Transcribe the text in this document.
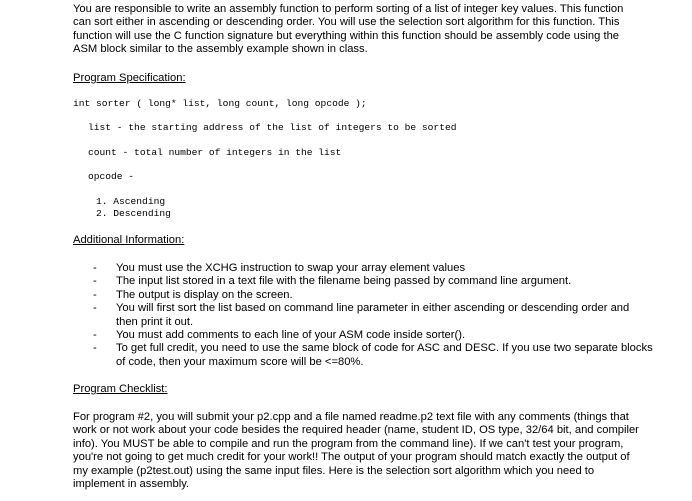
You are responsible to write an assembly function to perform sorting of a list of integer key values. This function can sort either in ascending or descending order. You will use the selection sort algorithm for this function. This function will use the C function signature but everything within this function should be assembly code using the ASM block similar to the assembly example shown in class.

Program Specification:

int sorter ( long* list, long count, long opcode );
list - the starting address of the list of integers to be sorted
count - total number of integers in the list
opcode -
1. Ascending
2. Descending

Additional Information:

- You must use the XCHG instruction to swap your array element values
- The input list stored in a text file with the filename being passed by command line argument.
- The output is display on the screen.
- You will first sort the list based on command line parameter in either ascending or descending order and then print it out.
- You must add comments to each line of your ASM code inside sorter().
- To get full credit, you need to use the same block of code for ASC and DESC. If you use two separate blocks of code, then your maximum score will be <=80%.

Program Checklist:

For program #2, you will submit your p2.cpp and a file named readme.p2 text file with any comments (things that work or not work about your code besides the required header (name, student ID, OS type, 32/64 bit, and compiler info). You MUST be able to compile and run the program from the command line). If we can't test your program, you're not going to get much credit for your work!! The output of your program should match exactly the output of my example (p2test.out) using the same input files. Here is the selection sort algorithm which you need to implement in assembly.
